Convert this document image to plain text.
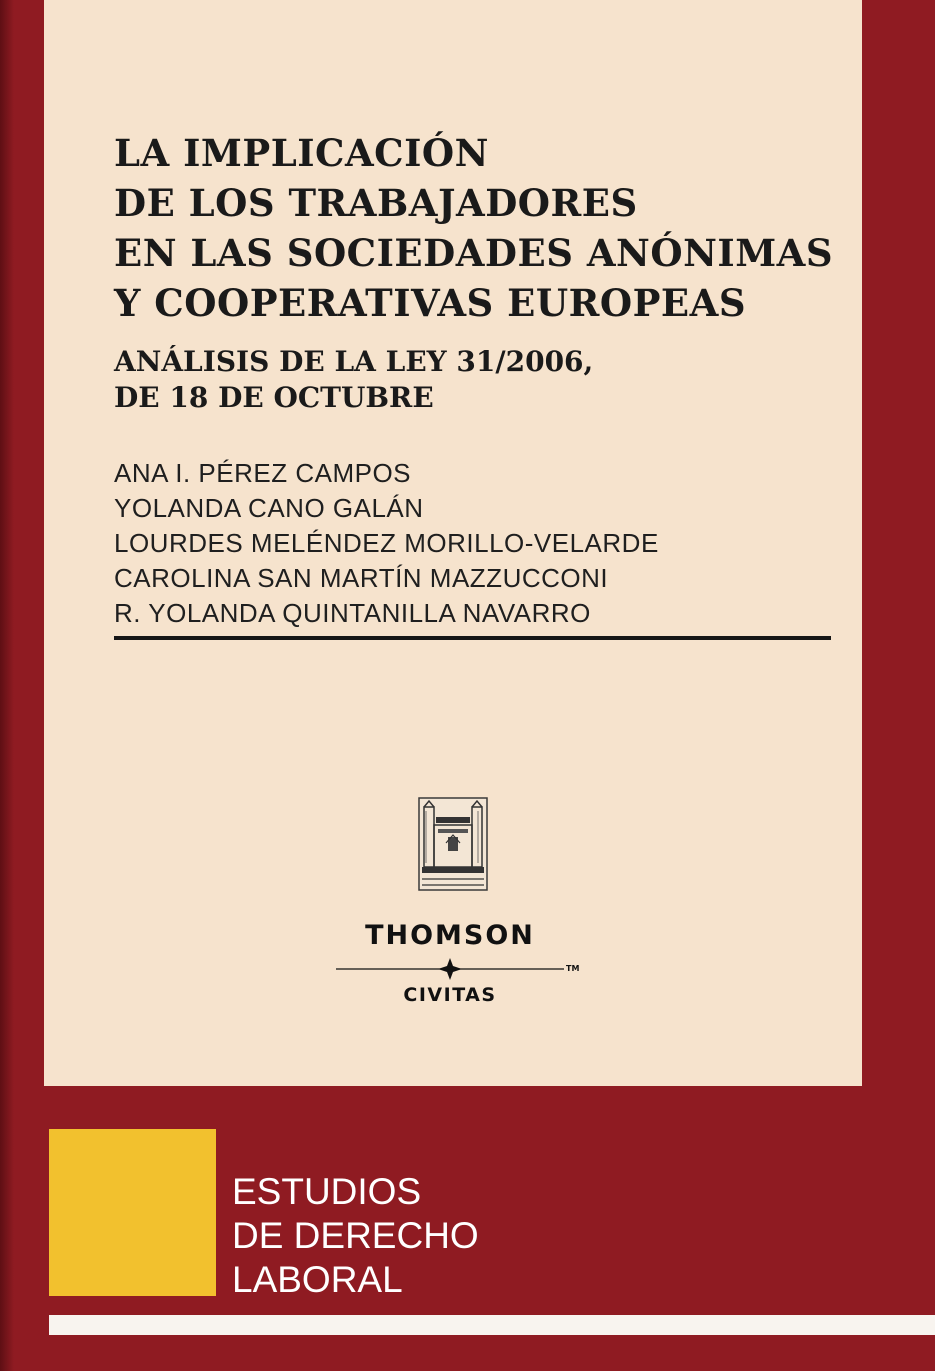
LA IMPLICACIÓN
DE LOS TRABAJADORES
EN LAS SOCIEDADES ANÓNIMAS
Y COOPERATIVAS EUROPEAS
ANÁLISIS DE LA LEY 31/2006,
DE 18 DE OCTUBRE
ANA I. PÉREZ CAMPOS
YOLANDA CANO GALÁN
LOURDES MELÉNDEZ MORILLO-VELARDE
CAROLINA SAN MARTÍN MAZZUCCONI
R. YOLANDA QUINTANILLA NAVARRO
THOMSON
TM
CIVITAS
ESTUDIOS
DE DERECHO
LABORAL
